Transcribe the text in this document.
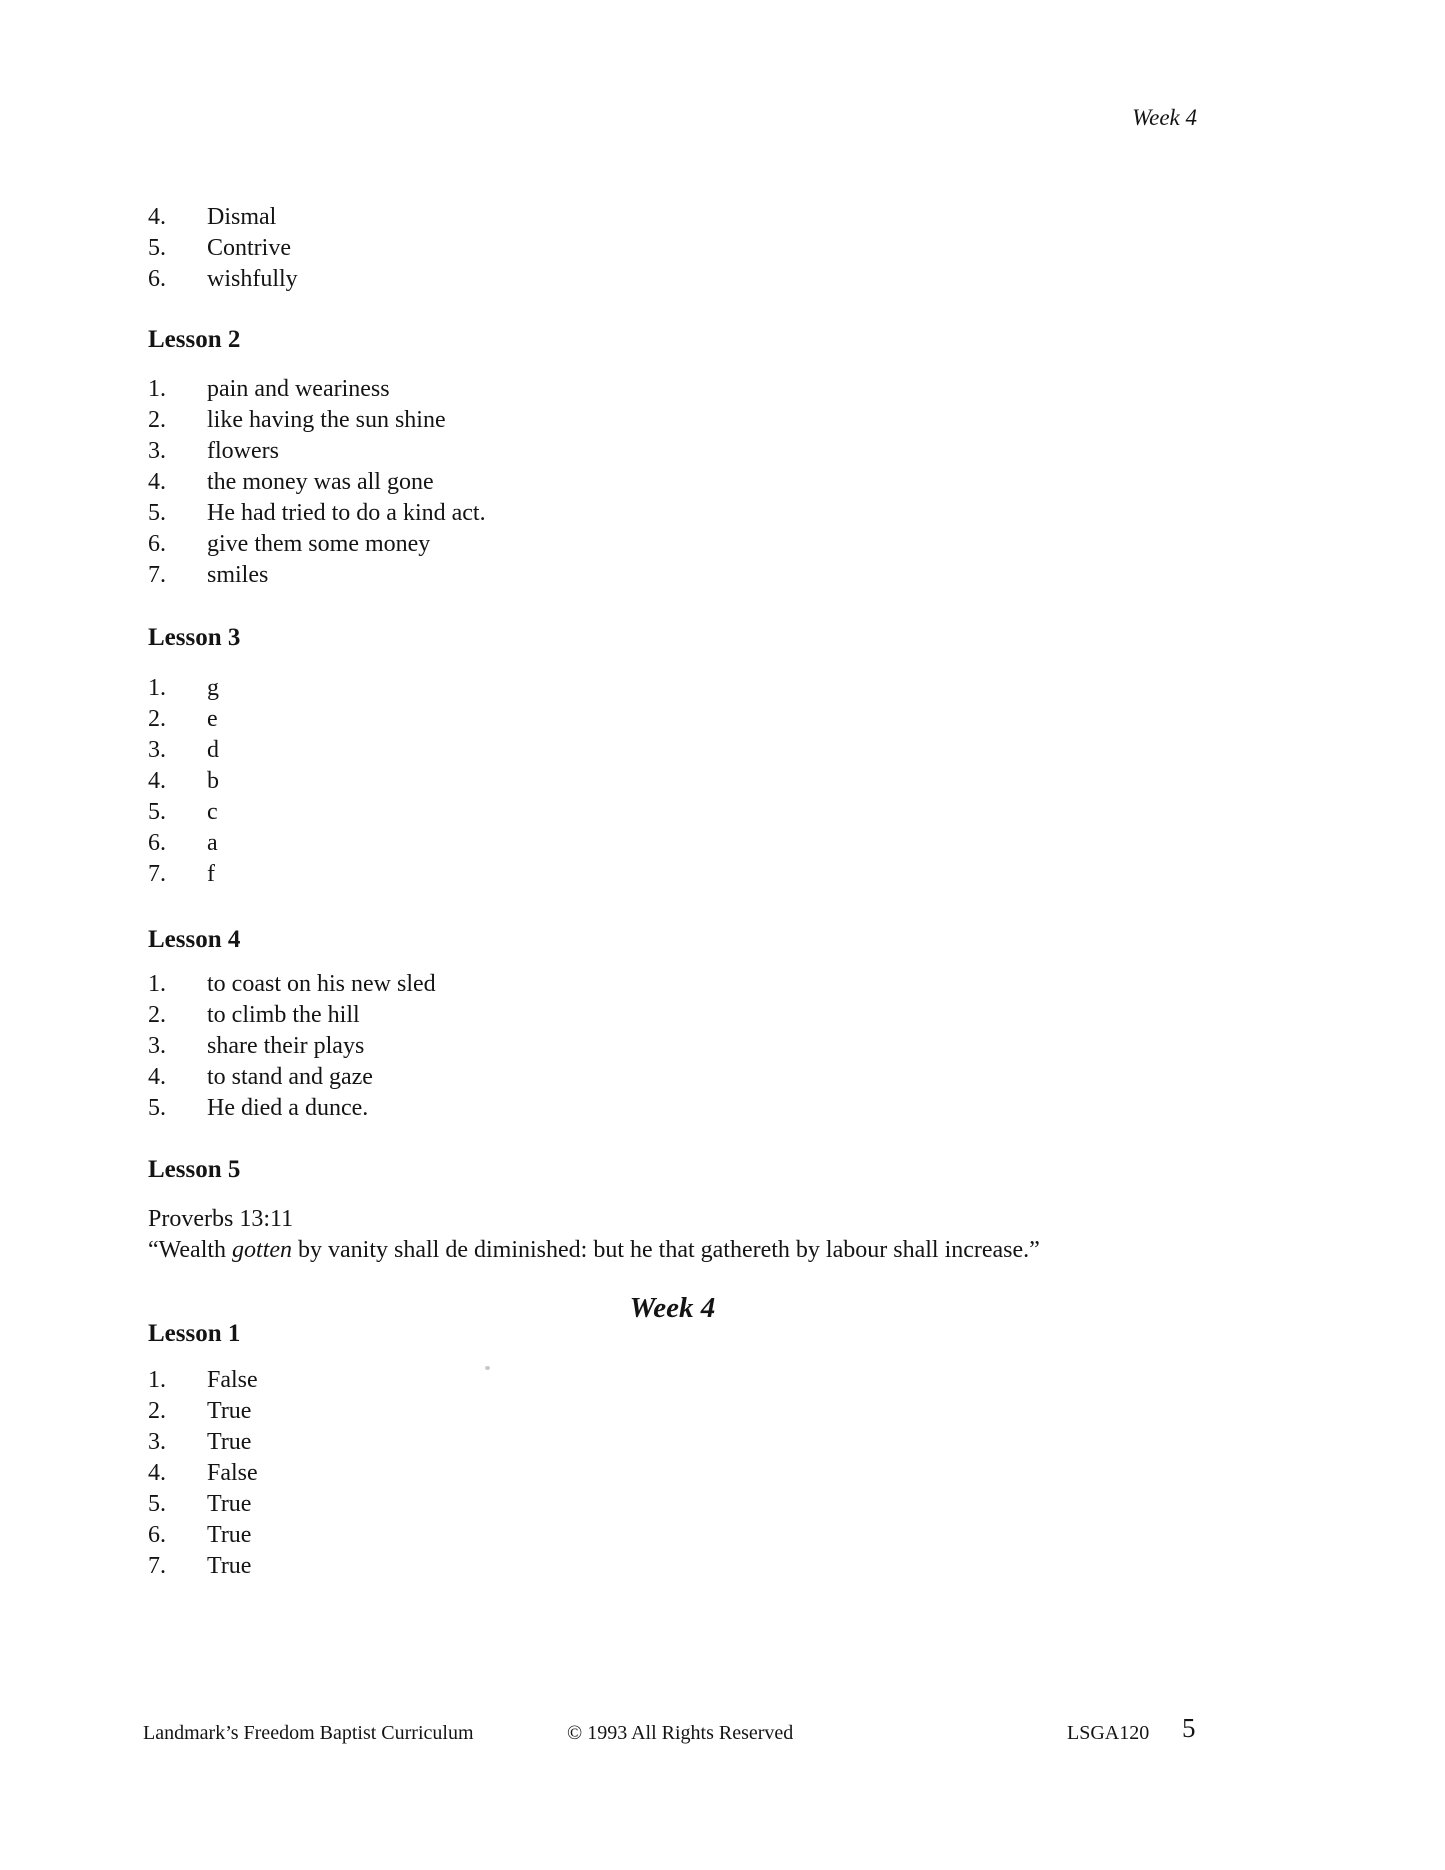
Week 4
4. Dismal
5. Contrive
6. wishfully
Lesson 2
1. pain and weariness
2. like having the sun shine
3. flowers
4. the money was all gone
5. He had tried to do a kind act.
6. give them some money
7. smiles
Lesson 3
1. g
2. e
3. d
4. b
5. c
6. a
7. f
Lesson 4
1. to coast on his new sled
2. to climb the hill
3. share their plays
4. to stand and gaze
5. He died a dunce.
Lesson 5
Proverbs 13:11
“Wealth gotten by vanity shall de diminished: but he that gathereth by labour shall increase.”
Lesson 1
1. False
2. True
3. True
4. False
5. True
6. True
7. True
Week 4
Landmark’s Freedom Baptist Curriculum	© 1993 All Rights Reserved	LSGA120 5
